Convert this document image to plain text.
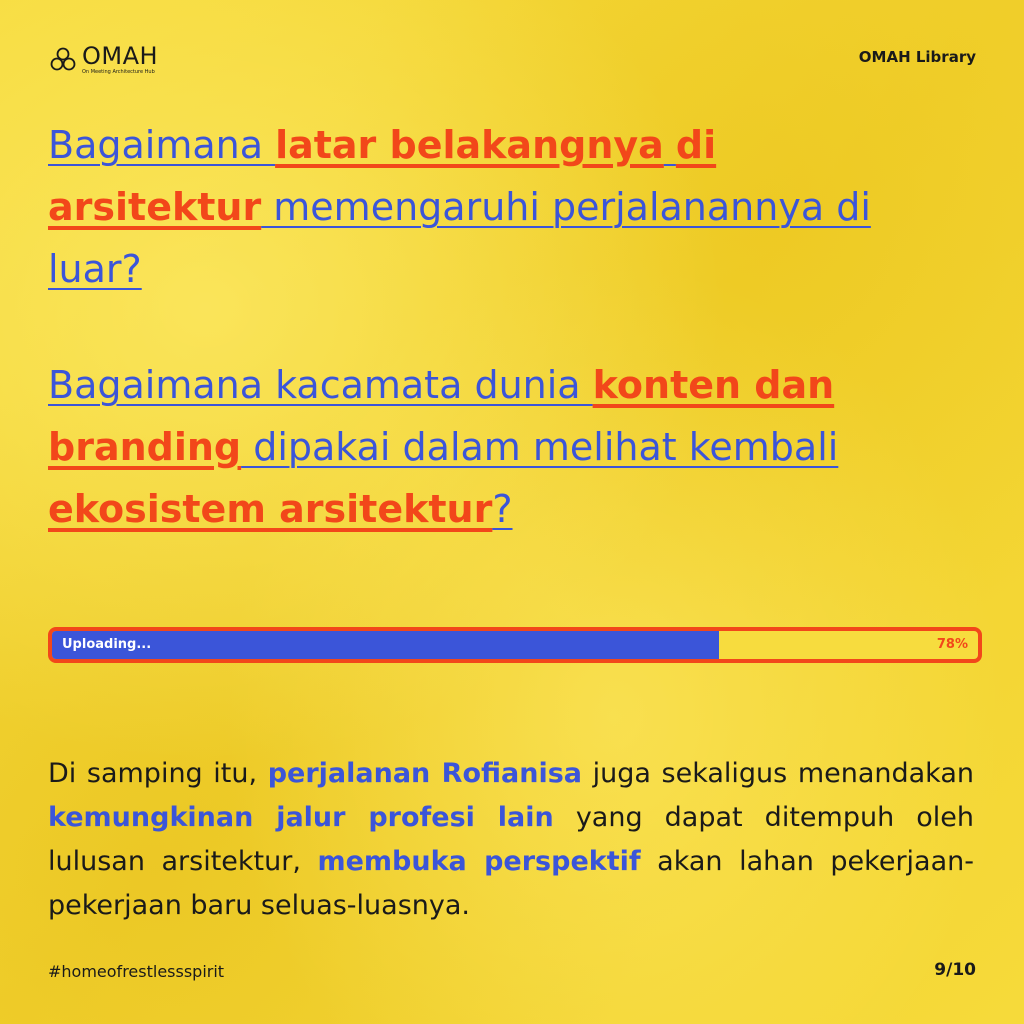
OMAH
On Meeting Architecture Hub
OMAH Library
Bagaimana latar belakangnya di arsitektur memengaruhi perjalanannya di luar?
Bagaimana kacamata dunia konten dan branding dipakai dalam melihat kembali ekosistem arsitektur?
Uploading...	78%
Di samping itu, perjalanan Rofianisa juga sekaligus menandakan kemungkinan jalur profesi lain yang dapat ditempuh oleh lulusan arsitektur, membuka perspektif akan lahan pekerjaan-pekerjaan baru seluas-luasnya.
#homeofrestlessspirit	9/10
